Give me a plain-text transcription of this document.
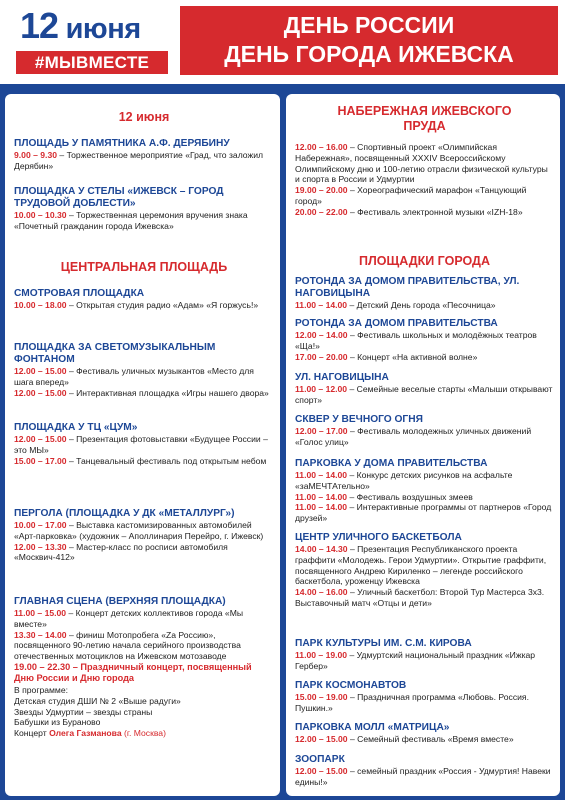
12 июня
#МЫВМЕСТЕ
ДЕНЬ РОССИИ
ДЕНЬ ГОРОДА ИЖЕВСКА

12 июня

ПЛОЩАДЬ У ПАМЯТНИКА А.Ф. ДЕРЯБИНУ

9.00 – 9.30 – Торжественное мероприятие «Град, что заложил Дерябин»

ПЛОЩАДКА У СТЕЛЫ «ИЖЕВСК – ГОРОД ТРУДОВОЙ ДОБЛЕСТИ»

10.00 – 10.30 – Торжественная церемония вручения знака «Почетный гражданин города Ижевска»

ЦЕНТРАЛЬНАЯ ПЛОЩАДЬ

СМОТРОВАЯ ПЛОЩАДКА

10.00 – 18.00 – Открытая студия радио «Адам» «Я горжусь!»

ПЛОЩАДКА ЗА СВЕТОМУЗЫКАЛЬНЫМ ФОНТАНОМ

12.00 – 15.00 – Фестиваль уличных музыкантов «Место для шага вперед»

12.00 – 15.00 – Интерактивная площадка «Игры нашего двора»

ПЛОЩАДКА У ТЦ «ЦУМ»

12.00 – 15.00 – Презентация фотовыставки «Будущее России – это МЫ»

15.00 – 17.00 – Танцевальный фестиваль под открытым небом

ПЕРГОЛА (ПЛОЩАДКА У ДК «МЕТАЛЛУРГ»)

10.00 – 17.00 – Выставка кастомизированных автомобилей «Арт-парковка» (художник – Аполлинария Перейро, г. Ижевск)

12.00 – 13.30 – Мастер-класс по росписи автомобиля «Москвич-412»

ГЛАВНАЯ СЦЕНА (ВЕРХНЯЯ ПЛОЩАДКА)

11.00 – 15.00 – Концерт детских коллективов города «Мы вместе»

13.30 – 14.00 – финиш Мотопробега «Za Россию», посвященного 90-летию начала серийного производства отечественных мотоциклов на Ижевском мотозаводе

19.00 – 22.30 – Праздничный концерт, посвященный Дню России и Дню города

В программе:

Детская студия ДШИ № 2 «Выше радуги»

Звезды Удмуртии – звезды страны

Бабушки из Бураново

Концерт Олега Газманова (г. Москва)

НАБЕРЕЖНАЯ ИЖЕВСКОГО ПРУДА

12.00 – 16.00 – Спортивный проект «Олимпийская Набережная», посвященный XXXIV Всероссийскому Олимпийскому дню и 100-летию отрасли физической культуры и спорта в России и Удмуртии

19.00 – 20.00 – Хореографический марафон «Танцующий город»

20.00 – 22.00 – Фестиваль электронной музыки «IZH-18»

ПЛОЩАДКИ ГОРОДА

РОТОНДА ЗА ДОМОМ ПРАВИТЕЛЬСТВА, УЛ. НАГОВИЦЫНА

11.00 – 14.00 – Детский День города «Песочница»

РОТОНДА ЗА ДОМОМ ПРАВИТЕЛЬСТВА

12.00 – 14.00 – Фестиваль школьных и молодёжных театров «Ща!»

17.00 – 20.00 – Концерт «На активной волне»

УЛ. НАГОВИЦЫНА

11.00 – 12.00 – Семейные веселые старты «Малыши открывают спорт»

СКВЕР У ВЕЧНОГО ОГНЯ

12.00 – 17.00 – Фестиваль молодежных уличных движений «Голос улиц»

ПАРКОВКА У ДОМА ПРАВИТЕЛЬСТВА

11.00 – 14.00 – Конкурс детских рисунков на асфальте «заМЕЧТАтельно»

11.00 – 14.00 – Фестиваль воздушных змеев

11.00 – 14.00 – Интерактивные программы от партнеров «Город друзей»

ЦЕНТР УЛИЧНОГО БАСКЕТБОЛА

14.00 – 14.30 – Презентация Республиканского проекта граффити «Молодежь. Герои Удмуртии». Открытие граффити, посвященного Андрею Кириленко – легенде российского баскетбола, уроженцу Ижевска

14.00 – 16.00 – Уличный баскетбол: Второй Тур Мастерса 3х3. Выставочный матч «Отцы и дети»

ПАРК КУЛЬТУРЫ ИМ. С.М. КИРОВА

11.00 – 19.00 – Удмуртский национальный праздник «Ижкар Гербер»

ПАРК КОСМОНАВТОВ

15.00 – 19.00 – Праздничная программа «Любовь. Россия. Пушкин.»

ПАРКОВКА МОЛЛ «МАТРИЦА»

12.00 – 15.00 – Семейный фестиваль «Время вместе»

ЗООПАРК

12.00 – 15.00 – семейный праздник «Россия - Удмуртия! Навеки едины!»
